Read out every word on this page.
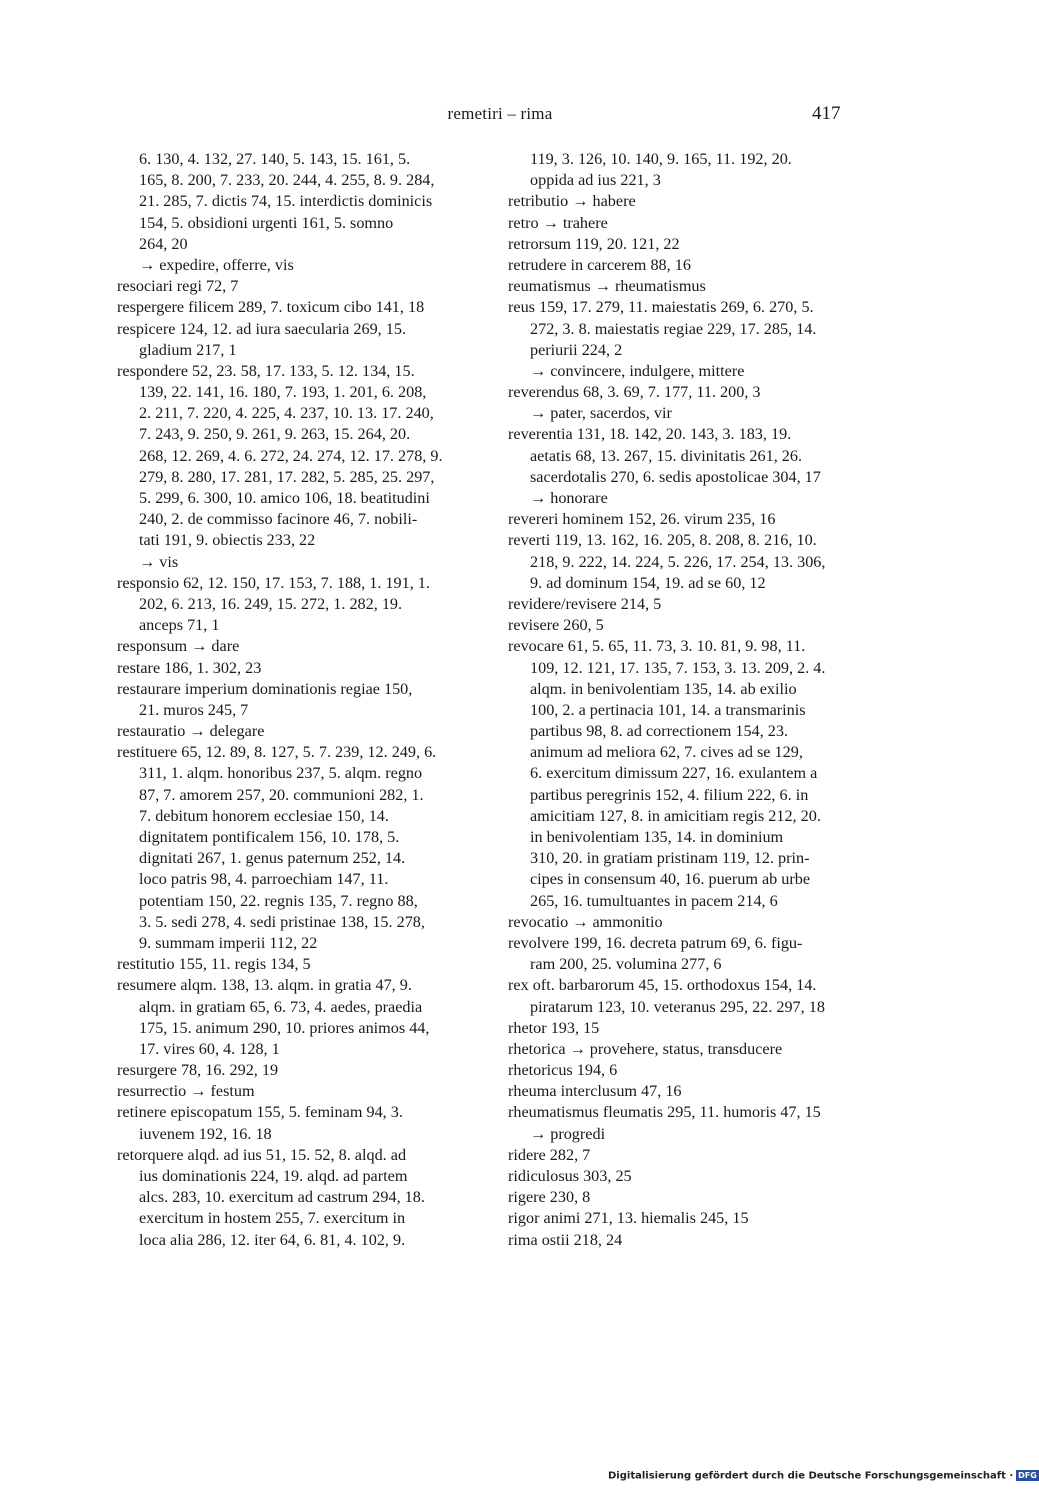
remetiri – rima	417
6. 130, 4. 132, 27. 140, 5. 143, 15. 161, 5.
165, 8. 200, 7. 233, 20. 244, 4. 255, 8. 9. 284,
21. 285, 7. dictis 74, 15. interdictis dominicis
154, 5. obsidioni urgenti 161, 5. somno
264, 20
→ expedire, offerre, vis
resociari regi 72, 7
respergere filicem 289, 7. toxicum cibo 141, 18
respicere 124, 12. ad iura saecularia 269, 15.
gladium 217, 1
respondere 52, 23. 58, 17. 133, 5. 12. 134, 15.
139, 22. 141, 16. 180, 7. 193, 1. 201, 6. 208,
2. 211, 7. 220, 4. 225, 4. 237, 10. 13. 17. 240,
7. 243, 9. 250, 9. 261, 9. 263, 15. 264, 20.
268, 12. 269, 4. 6. 272, 24. 274, 12. 17. 278, 9.
279, 8. 280, 17. 281, 17. 282, 5. 285, 25. 297,
5. 299, 6. 300, 10. amico 106, 18. beatitudini
240, 2. de commisso facinore 46, 7. nobili-
tati 191, 9. obiectis 233, 22
→ vis
responsio 62, 12. 150, 17. 153, 7. 188, 1. 191, 1.
202, 6. 213, 16. 249, 15. 272, 1. 282, 19.
anceps 71, 1
responsum → dare
restare 186, 1. 302, 23
restaurare imperium dominationis regiae 150,
21. muros 245, 7
restauratio → delegare
restituere 65, 12. 89, 8. 127, 5. 7. 239, 12. 249, 6.
311, 1. alqm. honoribus 237, 5. alqm. regno
87, 7. amorem 257, 20. communioni 282, 1.
7. debitum honorem ecclesiae 150, 14.
dignitatem pontificalem 156, 10. 178, 5.
dignitati 267, 1. genus paternum 252, 14.
loco patris 98, 4. parroechiam 147, 11.
potentiam 150, 22. regnis 135, 7. regno 88,
3. 5. sedi 278, 4. sedi pristinae 138, 15. 278,
9. summam imperii 112, 22
restitutio 155, 11. regis 134, 5
resumere alqm. 138, 13. alqm. in gratia 47, 9.
alqm. in gratiam 65, 6. 73, 4. aedes, praedia
175, 15. animum 290, 10. priores animos 44,
17. vires 60, 4. 128, 1
resurgere 78, 16. 292, 19
resurrectio → festum
retinere episcopatum 155, 5. feminam 94, 3.
iuvenem 192, 16. 18
retorquere alqd. ad ius 51, 15. 52, 8. alqd. ad
ius dominationis 224, 19. alqd. ad partem
alcs. 283, 10. exercitum ad castrum 294, 18.
exercitum in hostem 255, 7. exercitum in
loca alia 286, 12. iter 64, 6. 81, 4. 102, 9.
119, 3. 126, 10. 140, 9. 165, 11. 192, 20.
oppida ad ius 221, 3
retributio → habere
retro → trahere
retrorsum 119, 20. 121, 22
retrudere in carcerem 88, 16
reumatismus → rheumatismus
reus 159, 17. 279, 11. maiestatis 269, 6. 270, 5.
272, 3. 8. maiestatis regiae 229, 17. 285, 14.
periurii 224, 2
→ convincere, indulgere, mittere
reverendus 68, 3. 69, 7. 177, 11. 200, 3
→ pater, sacerdos, vir
reverentia 131, 18. 142, 20. 143, 3. 183, 19.
aetatis 68, 13. 267, 15. divinitatis 261, 26.
sacerdotalis 270, 6. sedis apostolicae 304, 17
→ honorare
revereri hominem 152, 26. virum 235, 16
reverti 119, 13. 162, 16. 205, 8. 208, 8. 216, 10.
218, 9. 222, 14. 224, 5. 226, 17. 254, 13. 306,
9. ad dominum 154, 19. ad se 60, 12
revidere/revisere 214, 5
revisere 260, 5
revocare 61, 5. 65, 11. 73, 3. 10. 81, 9. 98, 11.
109, 12. 121, 17. 135, 7. 153, 3. 13. 209, 2. 4.
alqm. in benivolentiam 135, 14. ab exilio
100, 2. a pertinacia 101, 14. a transmarinis
partibus 98, 8. ad correctionem 154, 23.
animum ad meliora 62, 7. cives ad se 129,
6. exercitum dimissum 227, 16. exulantem a
partibus peregrinis 152, 4. filium 222, 6. in
amicitiam 127, 8. in amicitiam regis 212, 20.
in benivolentiam 135, 14. in dominium
310, 20. in gratiam pristinam 119, 12. prin-
cipes in consensum 40, 16. puerum ab urbe
265, 16. tumultuantes in pacem 214, 6
revocatio → ammonitio
revolvere 199, 16. decreta patrum 69, 6. figu-
ram 200, 25. volumina 277, 6
rex oft. barbarorum 45, 15. orthodoxus 154, 14.
piratarum 123, 10. veteranus 295, 22. 297, 18
rhetor 193, 15
rhetorica → provehere, status, transducere
rhetoricus 194, 6
rheuma interclusum 47, 16
rheumatismus fleumatis 295, 11. humoris 47, 15
→ progredi
ridere 282, 7
ridiculosus 303, 25
rigere 230, 8
rigor animi 271, 13. hiemalis 245, 15
rima ostii 218, 24
Digitalisierung gefördert durch die Deutsche Forschungsgemeinschaft · DFG
